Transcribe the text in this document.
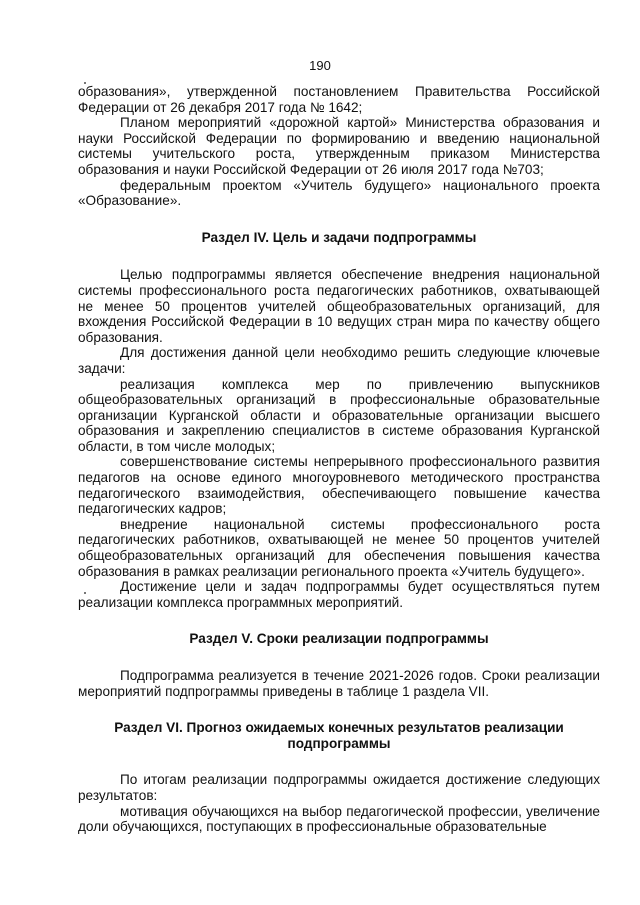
190

образования», утвержденной постановлением Правительства Российской Федерации от 26 декабря 2017 года № 1642;

Планом мероприятий «дорожной картой» Министерства образования и науки Российской Федерации по формированию и введению национальной системы учительского роста, утвержденным приказом Министерства образования и науки Российской Федерации от 26 июля 2017 года №703;

федеральным проектом «Учитель будущего» национального проекта «Образование».

Раздел IV. Цель и задачи подпрограммы

Целью подпрограммы является обеспечение внедрения национальной системы профессионального роста педагогических работников, охватывающей не менее 50 процентов учителей общеобразовательных организаций, для вхождения Российской Федерации в 10 ведущих стран мира по качеству общего образования.

Для достижения данной цели необходимо решить следующие ключевые задачи:

реализация комплекса мер по привлечению выпускников общеобразовательных организаций в профессиональные образовательные организации Курганской области и образовательные организации высшего образования и закреплению специалистов в системе образования Курганской области, в том числе молодых;

совершенствование системы непрерывного профессионального развития педагогов на основе единого многоуровневого методического пространства педагогического взаимодействия, обеспечивающего повышение качества педагогических кадров;

внедрение национальной системы профессионального роста педагогических работников, охватывающей не менее 50 процентов учителей общеобразовательных организаций для обеспечения повышения качества образования в рамках реализации регионального проекта «Учитель будущего».

Достижение цели и задач подпрограммы будет осуществляться путем реализации комплекса программных мероприятий.

Раздел V. Сроки реализации подпрограммы

Подпрограмма реализуется в течение 2021-2026 годов. Сроки реализации мероприятий подпрограммы приведены в таблице 1 раздела VII.

Раздел VI. Прогноз ожидаемых конечных результатов реализации
подпрограммы

По итогам реализации подпрограммы ожидается достижение следующих результатов:

мотивация обучающихся на выбор педагогической профессии, увеличение доли обучающихся, поступающих в профессиональные образовательные
